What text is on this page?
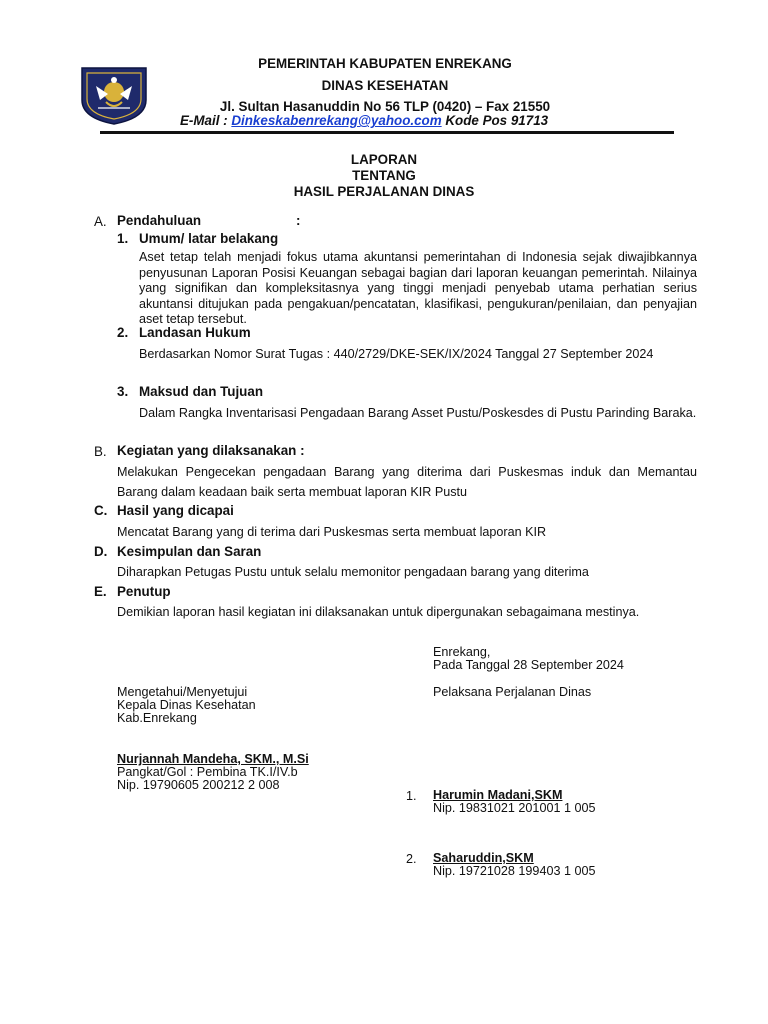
PEMERINTAH KABUPATEN ENREKANG
DINAS KESEHATAN
Jl. Sultan Hasanuddin No 56 TLP (0420) – Fax 21550
E-Mail : Dinkeskabenrekang@yahoo.com Kode Pos 91713
LAPORAN
TENTANG
HASIL PERJALANAN DINAS
A. Pendahuluan	:
1. Umum/ latar belakang
Aset tetap telah menjadi fokus utama akuntansi pemerintahan di Indonesia sejak diwajibkannya penyusunan Laporan Posisi Keuangan sebagai bagian dari laporan keuangan pemerintah. Nilainya yang signifikan dan kompleksitasnya yang tinggi menjadi penyebab utama perhatian serius akuntansi ditujukan pada pengakuan/pencatatan, klasifikasi, pengukuran/penilaian, dan penyajian aset tetap tersebut.
2. Landasan Hukum
Berdasarkan Nomor Surat Tugas : 440/2729/DKE-SEK/IX/2024 Tanggal 27 September 2024
3. Maksud dan Tujuan
Dalam Rangka Inventarisasi Pengadaan Barang Asset Pustu/Poskesdes di Pustu Parinding Baraka.
B. Kegiatan yang dilaksanakan :
Melakukan Pengecekan pengadaan Barang yang diterima dari Puskesmas induk dan Memantau Barang dalam keadaan baik serta membuat laporan KIR Pustu
C. Hasil yang dicapai
Mencatat Barang yang di terima dari Puskesmas serta membuat laporan KIR
D. Kesimpulan dan Saran
Diharapkan Petugas Pustu untuk selalu memonitor pengadaan barang yang diterima
E. Penutup
Demikian laporan hasil kegiatan ini dilaksanakan untuk dipergunakan sebagaimana mestinya.
Enrekang,
Pada Tanggal 28 September 2024
Mengetahui/Menyetujui
Kepala Dinas Kesehatan
Kab.Enrekang
Pelaksana Perjalanan Dinas
Nurjannah Mandeha, SKM., M.Si
Pangkat/Gol : Pembina TK.I/IV.b
Nip. 19790605 200212 2 008
1. Harumin Madani,SKM
Nip. 19831021 201001 1 005
2. Saharuddin,SKM
Nip. 19721028 199403 1 005
